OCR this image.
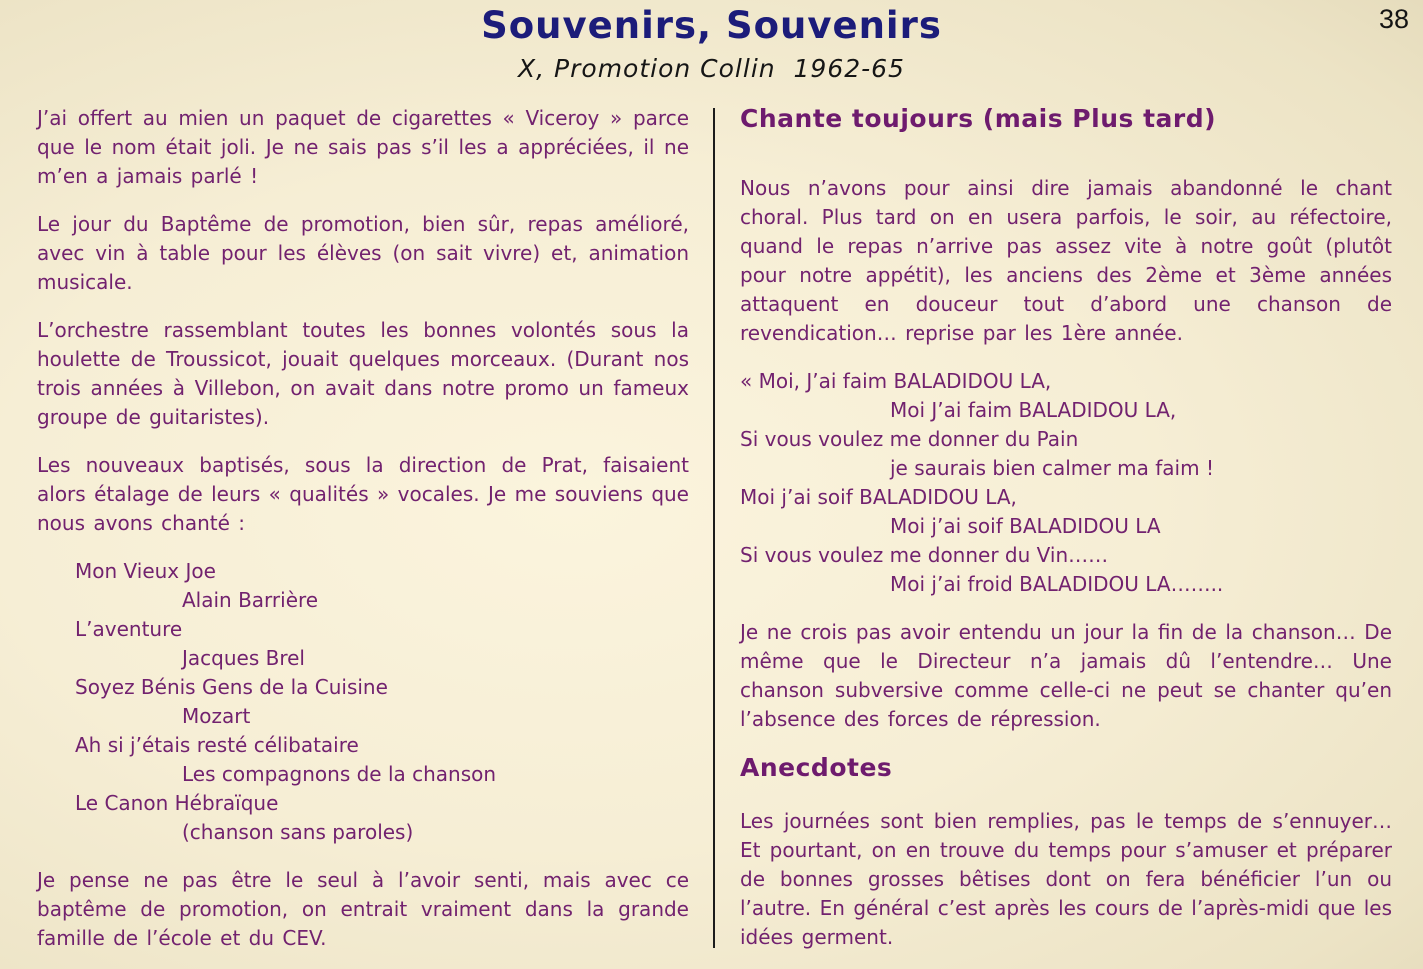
38
Souvenirs, Souvenirs
X, Promotion Collin  1962-65

J’ai offert au mien un paquet de cigarettes « Viceroy » parce que le nom était joli. Je ne sais pas s’il les a appréciées, il ne m’en a jamais parlé !

Le jour du Baptême de promotion, bien sûr, repas amélioré, avec vin à table pour les élèves (on sait vivre) et, animation musicale.

L’orchestre rassemblant toutes les bonnes volontés sous la houlette de Troussicot, jouait quelques morceaux. (Durant nos trois années à Villebon, on avait dans notre promo un fameux groupe de guitaristes).

Les nouveaux baptisés, sous la direction de Prat, faisaient alors étalage de leurs « qualités » vocales. Je me souviens que nous avons chanté :

Mon Vieux Joe
Alain Barrière
L’aventure
Jacques Brel
Soyez Bénis Gens de la Cuisine
Mozart
Ah si j’étais resté célibataire
Les compagnons de la chanson
Le Canon Hébraïque
(chanson sans paroles)

Je pense ne pas être le seul à l’avoir senti, mais avec ce baptême de promotion, on entrait vraiment dans la grande famille de l’école et du CEV.

Chante toujours (mais Plus tard)

Nous n’avons pour ainsi dire jamais abandonné le chant choral. Plus tard on en usera parfois, le soir, au réfectoire, quand le repas n’arrive pas assez vite à notre goût (plutôt pour notre appétit), les anciens des 2ème et 3ème années attaquent en douceur tout d’abord une chanson de revendication… reprise par les 1ère année.

« Moi, J’ai faim BALADIDOU LA,
Moi J’ai faim BALADIDOU LA,
Si vous voulez me donner du Pain
je saurais bien calmer ma faim !
Moi j’ai soif BALADIDOU LA,
Moi j’ai soif BALADIDOU LA
Si vous voulez me donner du Vin……
Moi j’ai froid BALADIDOU LA……..

Je ne crois pas avoir entendu un jour la fin de la chanson… De même que le Directeur n’a jamais dû l’entendre… Une chanson subversive comme celle-ci ne peut se chanter qu’en l’absence des forces de répression.

Anecdotes

Les journées sont bien remplies, pas le temps de s’ennuyer… Et pourtant, on en trouve du temps pour s’amuser et préparer de bonnes grosses bêtises dont on fera bénéficier l’un ou l’autre. En général c’est après les cours de l’après-midi que les idées germent.
